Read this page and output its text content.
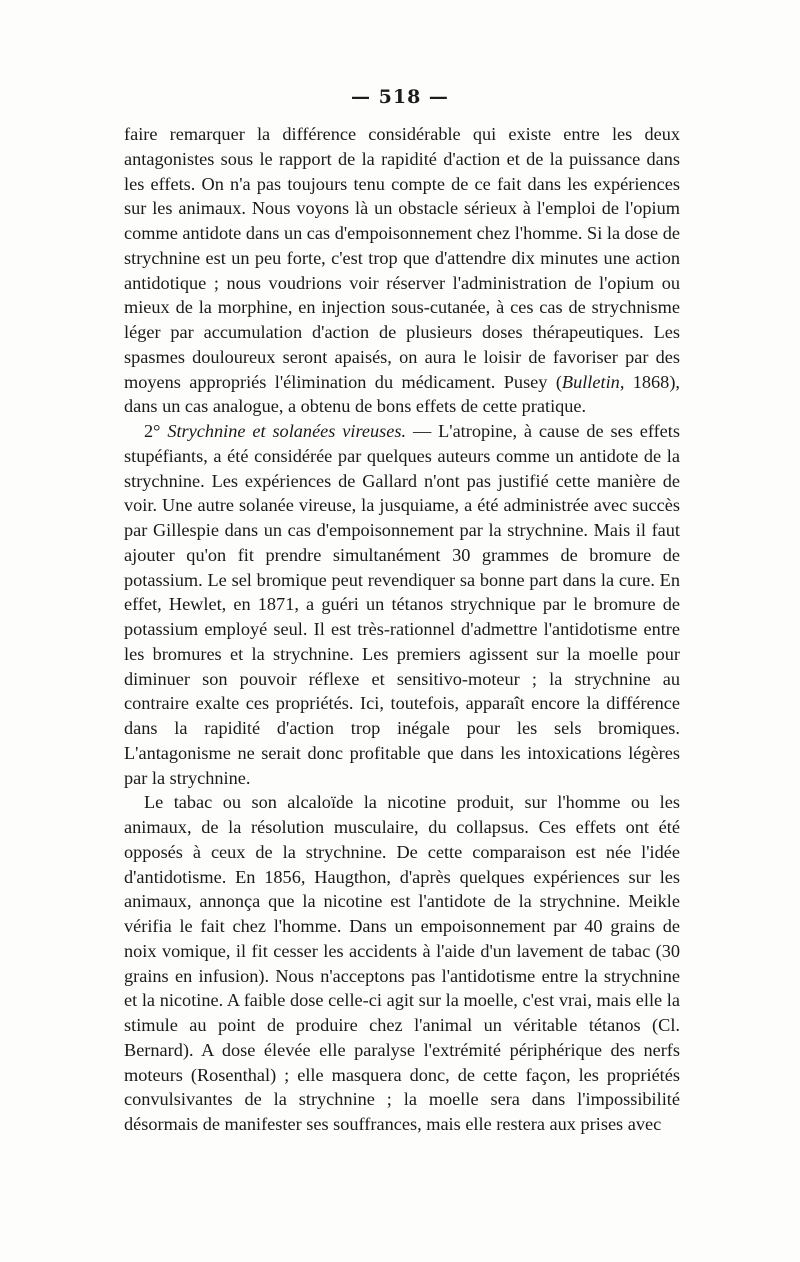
— 518 —

faire remarquer la différence considérable qui existe entre les deux antagonistes sous le rapport de la rapidité d'action et de la puissance dans les effets. On n'a pas toujours tenu compte de ce fait dans les expériences sur les animaux. Nous voyons là un obstacle sérieux à l'emploi de l'opium comme antidote dans un cas d'empoisonnement chez l'homme. Si la dose de strychnine est un peu forte, c'est trop que d'attendre dix minutes une action antidotique ; nous voudrions voir réserver l'administration de l'opium ou mieux de la morphine, en injection sous-cutanée, à ces cas de strychnisme léger par accumulation d'action de plusieurs doses thérapeutiques. Les spasmes douloureux seront apaisés, on aura le loisir de favoriser par des moyens appropriés l'élimination du médicament. Pusey (Bulletin, 1868), dans un cas analogue, a obtenu de bons effets de cette pratique.

2° Strychnine et solanées vireuses. — L'atropine, à cause de ses effets stupéfiants, a été considérée par quelques auteurs comme un antidote de la strychnine. Les expériences de Gallard n'ont pas justifié cette manière de voir. Une autre solanée vireuse, la jusquiame, a été administrée avec succès par Gillespie dans un cas d'empoisonnement par la strychnine. Mais il faut ajouter qu'on fit prendre simultanément 30 grammes de bromure de potassium. Le sel bromique peut revendiquer sa bonne part dans la cure. En effet, Hewlet, en 1871, a guéri un tétanos strychnique par le bromure de potassium employé seul. Il est très-rationnel d'admettre l'antidotisme entre les bromures et la strychnine. Les premiers agissent sur la moelle pour diminuer son pouvoir réflexe et sensitivo-moteur ; la strychnine au contraire exalte ces propriétés. Ici, toutefois, apparaît encore la différence dans la rapidité d'action trop inégale pour les sels bromiques. L'antagonisme ne serait donc profitable que dans les intoxications légères par la strychnine.

Le tabac ou son alcaloïde la nicotine produit, sur l'homme ou les animaux, de la résolution musculaire, du collapsus. Ces effets ont été opposés à ceux de la strychnine. De cette comparaison est née l'idée d'antidotisme. En 1856, Haugthon, d'après quelques expériences sur les animaux, annonça que la nicotine est l'antidote de la strychnine. Meikle vérifia le fait chez l'homme. Dans un empoisonnement par 40 grains de noix vomique, il fit cesser les accidents à l'aide d'un lavement de tabac (30 grains en infusion). Nous n'acceptons pas l'antidotisme entre la strychnine et la nicotine. A faible dose celle-ci agit sur la moelle, c'est vrai, mais elle la stimule au point de produire chez l'animal un véritable tétanos (Cl. Bernard). A dose élevée elle paralyse l'extrémité périphérique des nerfs moteurs (Rosenthal) ; elle masquera donc, de cette façon, les propriétés convulsivantes de la strychnine ; la moelle sera dans l'impossibilité désormais de manifester ses souffrances, mais elle restera aux prises avec
